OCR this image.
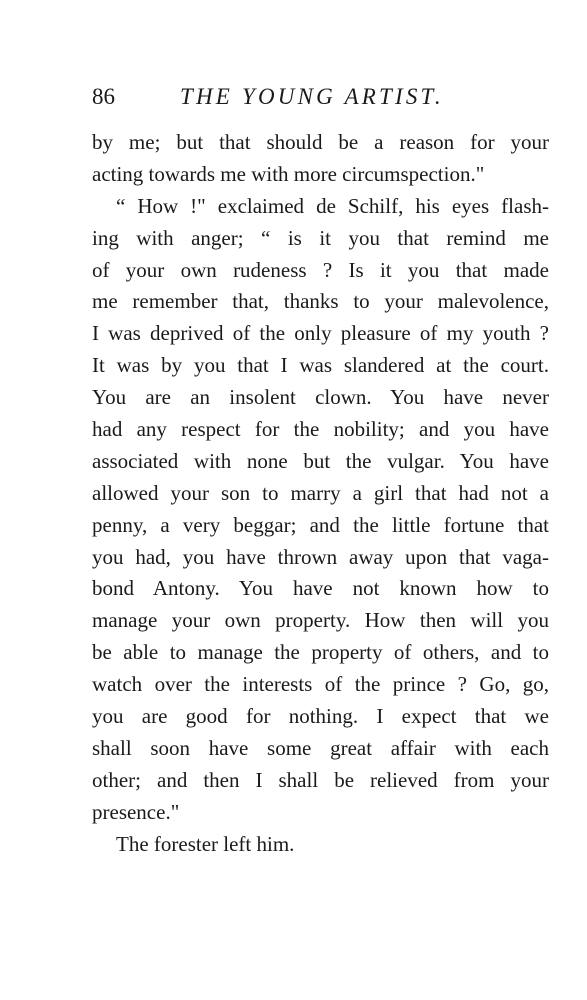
86	THE YOUNG ARTIST.
by me; but that should be a reason for your
acting towards me with more circumspection."
“ How !" exclaimed de Schilf, his eyes flash-
ing with anger; “ is it you that remind me
of your own rudeness ? Is it you that made
me remember that, thanks to your malevolence,
I was deprived of the only pleasure of my youth ?
It was by you that I was slandered at the court.
You are an insolent clown. You have never
had any respect for the nobility; and you have
associated with none but the vulgar. You have
allowed your son to marry a girl that had not a
penny, a very beggar; and the little fortune that
you had, you have thrown away upon that vaga-
bond Antony. You have not known how to
manage your own property. How then will you
be able to manage the property of others, and to
watch over the interests of the prince ? Go, go,
you are good for nothing. I expect that we
shall soon have some great affair with each
other; and then I shall be relieved from your
presence."
The forester left him.
